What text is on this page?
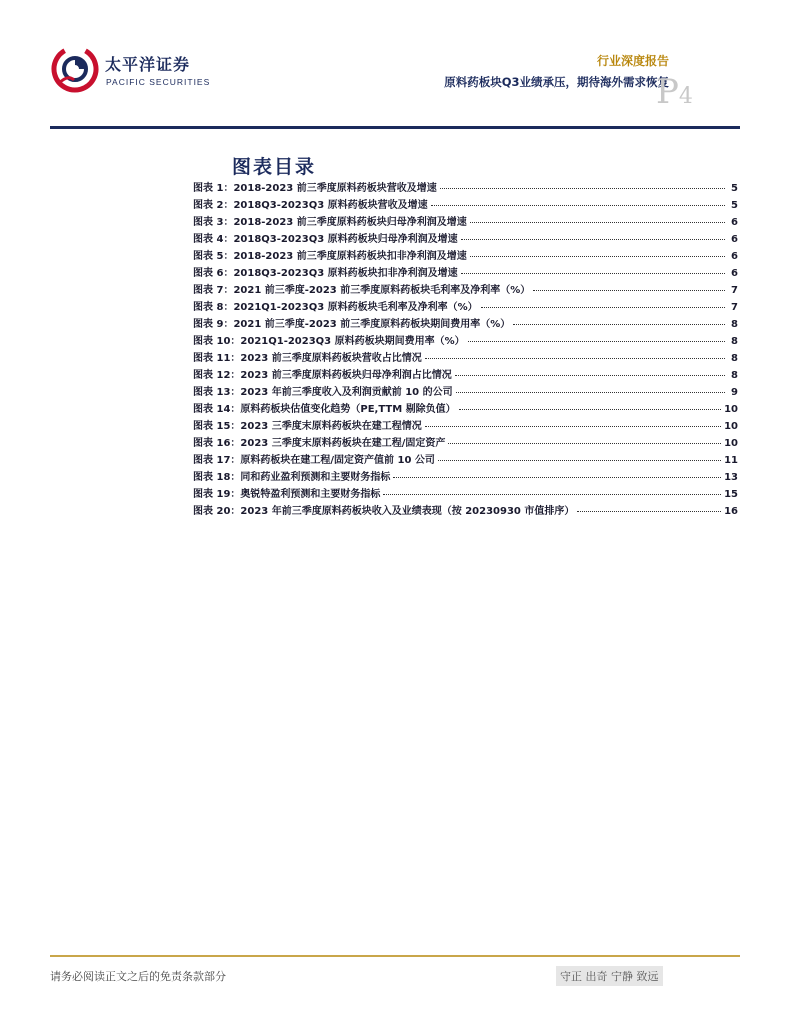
太平洋证券
PACIFIC SECURITIES
行业深度报告
原料药板块Q3业绩承压，期待海外需求恢复
P4
图表目录
图表 1：2018-2023 前三季度原料药板块营收及增速	5
图表 2：2018Q3-2023Q3 原料药板块营收及增速	5
图表 3：2018-2023 前三季度原料药板块归母净利润及增速	6
图表 4：2018Q3-2023Q3 原料药板块归母净利润及增速	6
图表 5：2018-2023 前三季度原料药板块扣非净利润及增速	6
图表 6：2018Q3-2023Q3 原料药板块扣非净利润及增速	6
图表 7：2021 前三季度-2023 前三季度原料药板块毛利率及净利率（%）	7
图表 8：2021Q1-2023Q3 原料药板块毛利率及净利率（%）	7
图表 9：2021 前三季度-2023 前三季度原料药板块期间费用率（%）	8
图表 10：2021Q1-2023Q3 原料药板块期间费用率（%）	8
图表 11：2023 前三季度原料药板块营收占比情况	8
图表 12：2023 前三季度原料药板块归母净利润占比情况	8
图表 13：2023 年前三季度收入及利润贡献前 10 的公司	9
图表 14：原料药板块估值变化趋势（PE,TTM 剔除负值）	10
图表 15：2023 三季度末原料药板块在建工程情况	10
图表 16：2023 三季度末原料药板块在建工程/固定资产	10
图表 17：原料药板块在建工程/固定资产值前 10 公司	11
图表 18：同和药业盈利预测和主要财务指标	13
图表 19：奥锐特盈利预测和主要财务指标	15
图表 20：2023 年前三季度原料药板块收入及业绩表现（按 20230930 市值排序）	16
请务必阅读正文之后的免责条款部分	守正 出奇 宁静 致远
